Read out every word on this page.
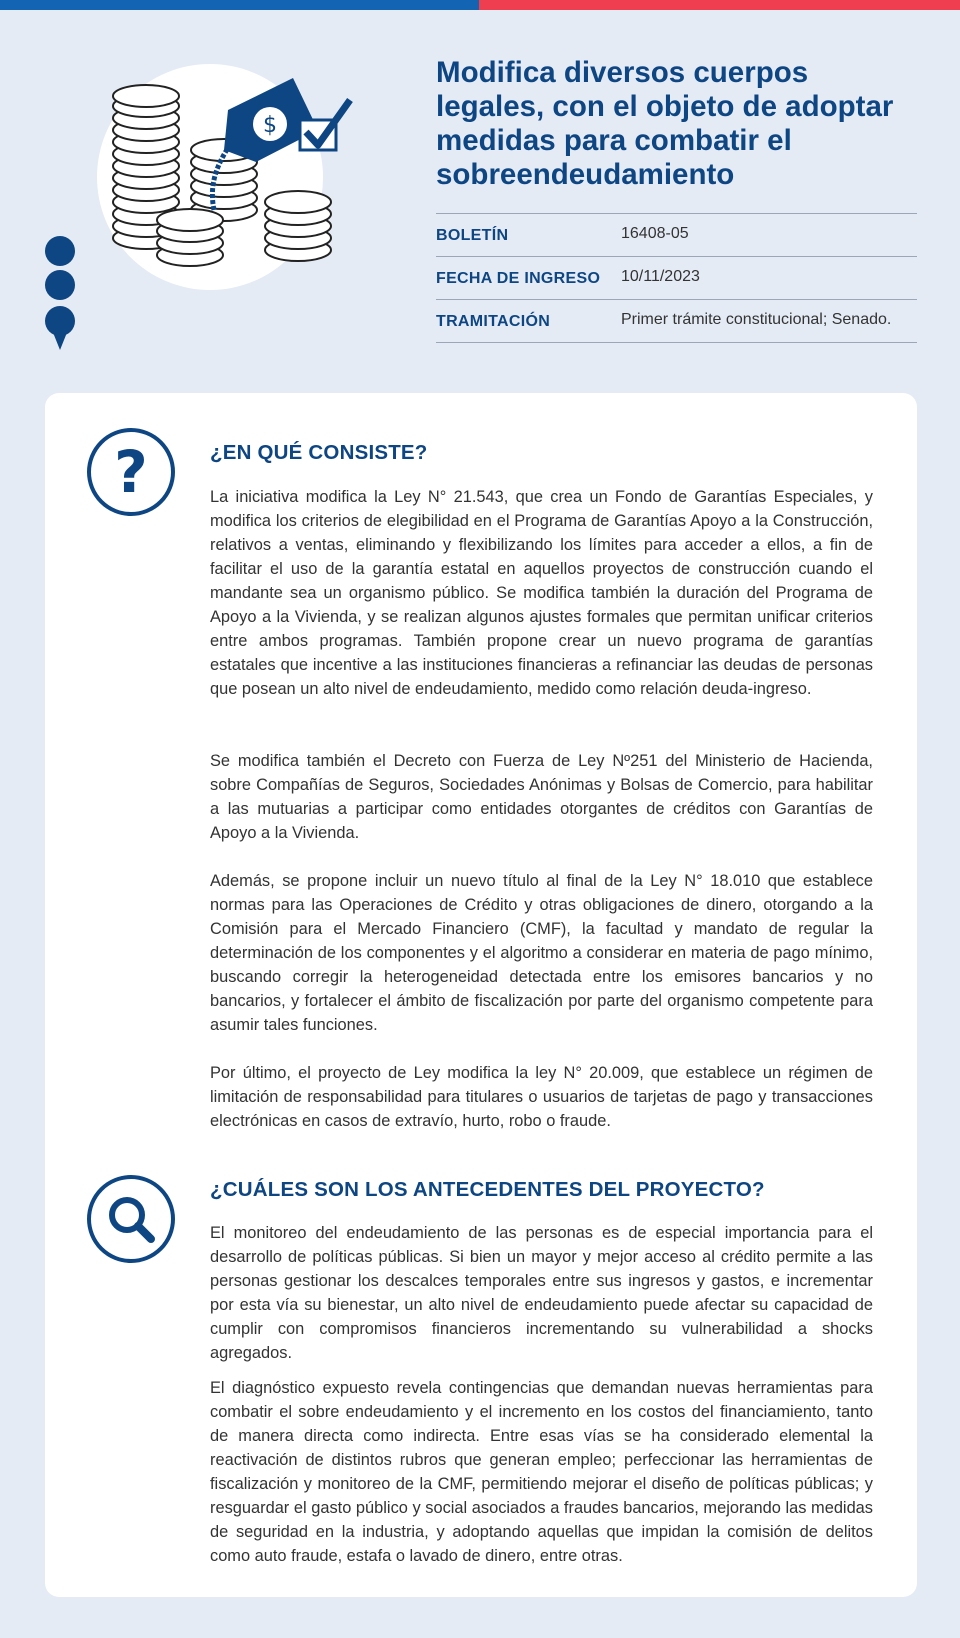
$
Modifica diversos cuerpos legales, con el objeto de adoptar medidas para combatir el sobreendeudamiento
BOLETÍN	16408-05
FECHA DE INGRESO 10/11/2023
TRAMITACIÓN	Primer trámite constitucional; Senado.
?	¿EN QUÉ CONSISTE?

La iniciativa modifica la Ley N° 21.543, que crea un Fondo de Garantías Especiales, y modifica los criterios de elegibilidad en el Programa de Garantías Apoyo a la Construcción, relativos a ventas, eliminando y flexibilizando los límites para acceder a ellos, a fin de facilitar el uso de la garantía estatal en aquellos proyectos de construcción cuando el mandante sea un organismo público. Se modifica también la duración del Programa de Apoyo a la Vivienda, y se realizan algunos ajustes formales que permitan unificar criterios entre ambos programas. También propone crear un nuevo programa de garantías estatales que incentive a las instituciones financieras a refinanciar las deudas de personas que posean un alto nivel de endeudamiento, medido como relación deuda-ingreso.

Se modifica también el Decreto con Fuerza de Ley Nº251 del Ministerio de Hacienda, sobre Compañías de Seguros, Sociedades Anónimas y Bolsas de Comercio, para habilitar a las mutuarias a participar como entidades otorgantes de créditos con Garantías de Apoyo a la Vivienda.

Además, se propone incluir un nuevo título al final de la Ley N° 18.010 que establece normas para las Operaciones de Crédito y otras obligaciones de dinero, otorgando a la Comisión para el Mercado Financiero (CMF), la facultad y mandato de regular la determinación de los componentes y el algoritmo a considerar en materia de pago mínimo, buscando corregir la heterogeneidad detectada entre los emisores bancarios y no bancarios, y fortalecer el ámbito de fiscalización por parte del organismo competente para asumir tales funciones.

Por último, el proyecto de Ley modifica la ley N° 20.009, que establece un régimen de limitación de responsabilidad para titulares o usuarios de tarjetas de pago y transacciones electrónicas en casos de extravío, hurto, robo o fraude.

¿CUÁLES SON LOS ANTECEDENTES DEL PROYECTO?

El monitoreo del endeudamiento de las personas es de especial importancia para el desarrollo de políticas públicas. Si bien un mayor y mejor acceso al crédito permite a las personas gestionar los descalces temporales entre sus ingresos y gastos, e incrementar por esta vía su bienestar, un alto nivel de endeudamiento puede afectar su capacidad de cumplir con compromisos financieros incrementando su vulnerabilidad a shocks agregados.

El diagnóstico expuesto revela contingencias que demandan nuevas herramientas para combatir el sobre endeudamiento y el incremento en los costos del financiamiento, tanto de manera directa como indirecta. Entre esas vías se ha considerado elemental la reactivación de distintos rubros que generan empleo; perfeccionar las herramientas de fiscalización y monitoreo de la CMF, permitiendo mejorar el diseño de políticas públicas; y resguardar el gasto público y social asociados a fraudes bancarios, mejorando las medidas de seguridad en la industria, y adoptando aquellas que impidan la comisión de delitos como auto fraude, estafa o lavado de dinero, entre otras.
